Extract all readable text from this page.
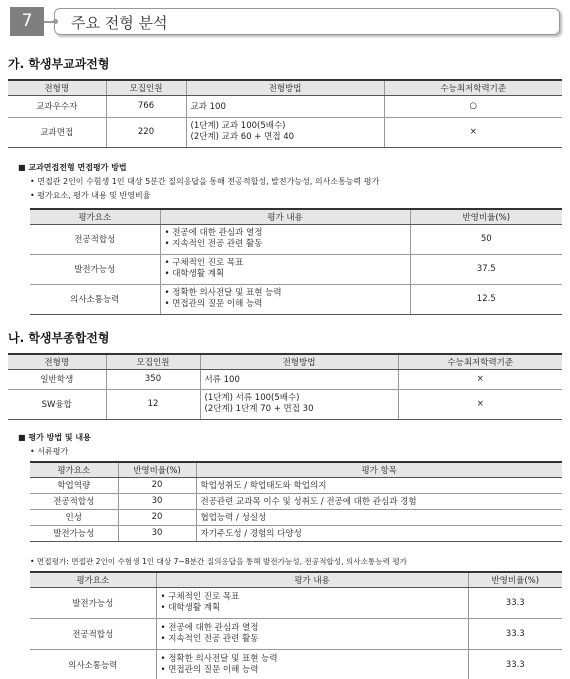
7	주요 전형 분석
가. 학생부교과전형
전형명	모집인원	전형방법	수능최저학력기준
교과우수자	766	교과 100	○
교과면접	220	(1단계) 교과 100(5배수)
(2단계) 교과 60 + 면접 40	×
■ 교과면접전형 면접평가 방법
• 면접관 2인이 수험생 1인 대상 5분간 질의응답을 통해 전공적합성, 발전가능성, 의사소통능력 평가
• 평가요소, 평가 내용 및 반영비율
평가요소	평가 내용	반영비율(%)
전공적합성	• 전공에 대한 관심과 열정
• 지속적인 전공 관련 활동	50
발전가능성	• 구체적인 진로 목표
• 대학생활 계획	37.5
의사소통능력	• 정확한 의사전달 및 표현 능력
• 면접관의 질문 이해 능력	12.5
나. 학생부종합전형
전형명	모집인원	전형방법	수능최저학력기준
일반학생	350	서류 100	×
SW융합	12	(1단계) 서류 100(5배수)
(2단계) 1단계 70 + 면접 30	×
■ 평가 방법 및 내용
• 서류평가
평가요소	반영비율(%)	평가 항목
학업역량	20	학업성취도 / 학업태도와 학업의지
전공적합성	30	전공관련 교과목 이수 및 성취도 / 전공에 대한 관심과 경험
인성	20	협업능력 / 성실성
발전가능성	30	자기주도성 / 경험의 다양성
• 면접평가: 면접관 2인이 수험생 1인 대상 7~8분간 질의응답을 통해 발전가능성, 전공적합성, 의사소통능력 평가
평가요소	평가 내용	반영비율(%)
발전가능성	• 구체적인 진로 목표
• 대학생활 계획	33.3
전공적합성	• 전공에 대한 관심과 열정
• 지속적인 전공 관련 활동	33.3
의사소통능력	• 정확한 의사전달 및 표현 능력
• 면접관의 질문 이해 능력	33.3
